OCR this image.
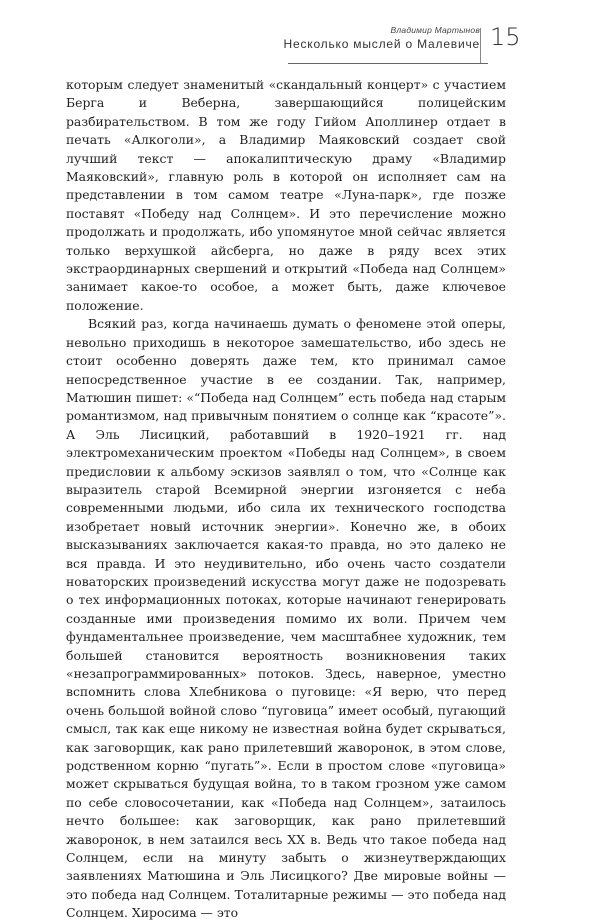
Владимир Мартынов
Несколько мыслей о Малевиче 15

которым следует знаменитый «скандальный концерт» с участием Берга и Веберна, завершающийся полицейским разбирательством. В том же году Гийом Аполлинер отдает в печать «Алкоголи», а Владимир Маяковский создает свой лучший текст — апокалиптическую драму «Владимир Маяковский», главную роль в которой он исполняет сам на представлении в том самом театре «Луна-парк», где позже поставят «Победу над Солнцем». И это перечисление можно продолжать и продолжать, ибо упомянутое мной сейчас является только верхушкой айсберга, но даже в ряду всех этих экстраординарных свершений и открытий «Победа над Солнцем» занимает какое-то особое, а может быть, даже ключевое положение.

Всякий раз, когда начинаешь думать о феномене этой оперы, невольно приходишь в некоторое замешательство, ибо здесь не стоит особенно доверять даже тем, кто принимал самое непосредственное участие в ее создании. Так, например, Матюшин пишет: «“Победа над Солнцем” есть победа над старым романтизмом, над привычным понятием о солнце как “красоте”». А Эль Лисицкий, работавший в 1920–1921 гг. над электромеханическим проектом «Победы над Солнцем», в своем предисловии к альбому эскизов заявлял о том, что «Солнце как выразитель старой Всемирной энергии изгоняется с неба современными людьми, ибо сила их технического господства изобретает новый источник энергии». Конечно же, в обоих высказываниях заключается какая-то правда, но это далеко не вся правда. И это неудивительно, ибо очень часто создатели новаторских произведений искусства могут даже не подозревать о тех информационных потоках, которые начинают генерировать созданные ими произведения помимо их воли. Причем чем фундаментальнее произведение, чем масштабнее художник, тем большей становится вероятность возникновения таких «незапрограммированных» потоков. Здесь, наверное, уместно вспомнить слова Хлебникова о пуговице: «Я верю, что перед очень большой войной слово “пуговица” имеет особый, пугающий смысл, так как еще никому не известная война будет скрываться, как заговорщик, как рано прилетевший жаворонок, в этом слове, родственном корню “пугать”». Если в простом слове «пуговица» может скрываться будущая война, то в таком грозном уже самом по себе словосочетании, как «Победа над Солнцем», затаилось нечто большее: как заговорщик, как рано прилетевший жаворонок, в нем затаился весь XX в. Ведь что такое победа над Солнцем, если на минуту забыть о жизнеутверждающих заявлениях Матюшина и Эль Лисицкого? Две мировые войны — это победа над Солнцем. Тоталитарные режимы — это победа над Солнцем. Хиросима — это
